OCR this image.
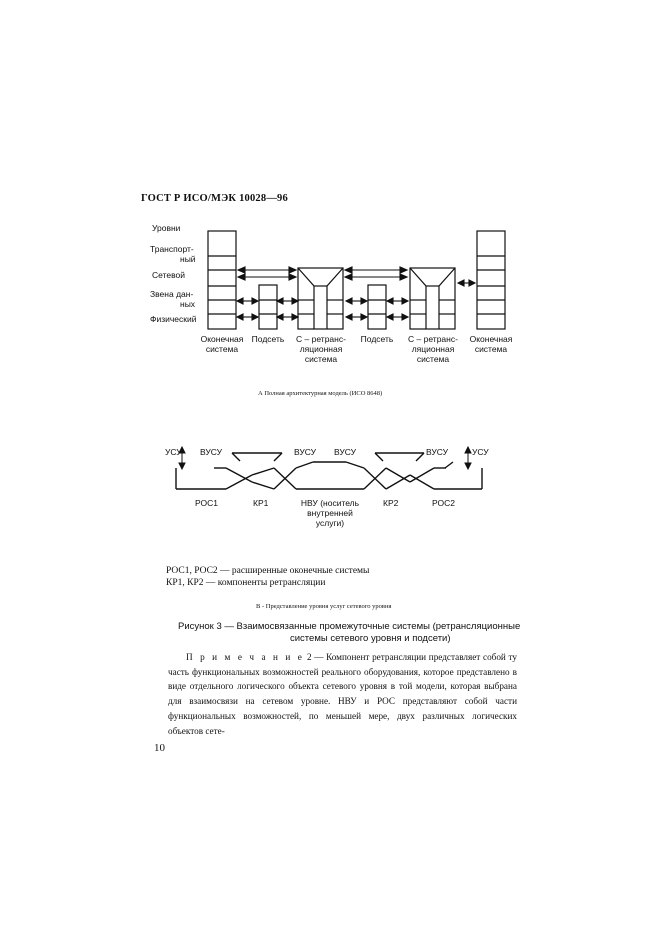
ГОСТ Р ИСО/МЭК 10028—96
Уровни
Транспорт-
ный
Сетевой
Звена дан-
ных
Физический
Оконечная
система
Подсеть	С – ретранс-
ляционная
система
Подсеть	С – ретранс-
ляционная
система
Оконечная
система
А Полная архитектурная модель (ИСО 8648)
УСУ ВУСУ	ВУСУ ВУСУ	ВУСУ	УСУ
РОС1	КР1	НВУ (носитель
внутренней
услуги)
КР2	РОС2
РОС1, РОС2 — расширенные оконечные системы
КР1, КР2 — компоненты ретрансляции
В - Представление уровня услуг сетевого уровня
Рисунок 3 — Взаимосвязанные промежуточные системы (ретрансляционные
системы сетевого уровня и подсети)

П р и м е ч а н и е 2 — Компонент ретрансляции представляет собой ту часть функциональных возможностей реального оборудования, которое представлено в виде отдельного логического объекта сетевого уровня в той модели, которая выбрана для взаимосвязи на сетевом уровне. НВУ и РОС представляют собой части функциональных возможностей, по меньшей мере, двух различных логических объектов сете-

10
